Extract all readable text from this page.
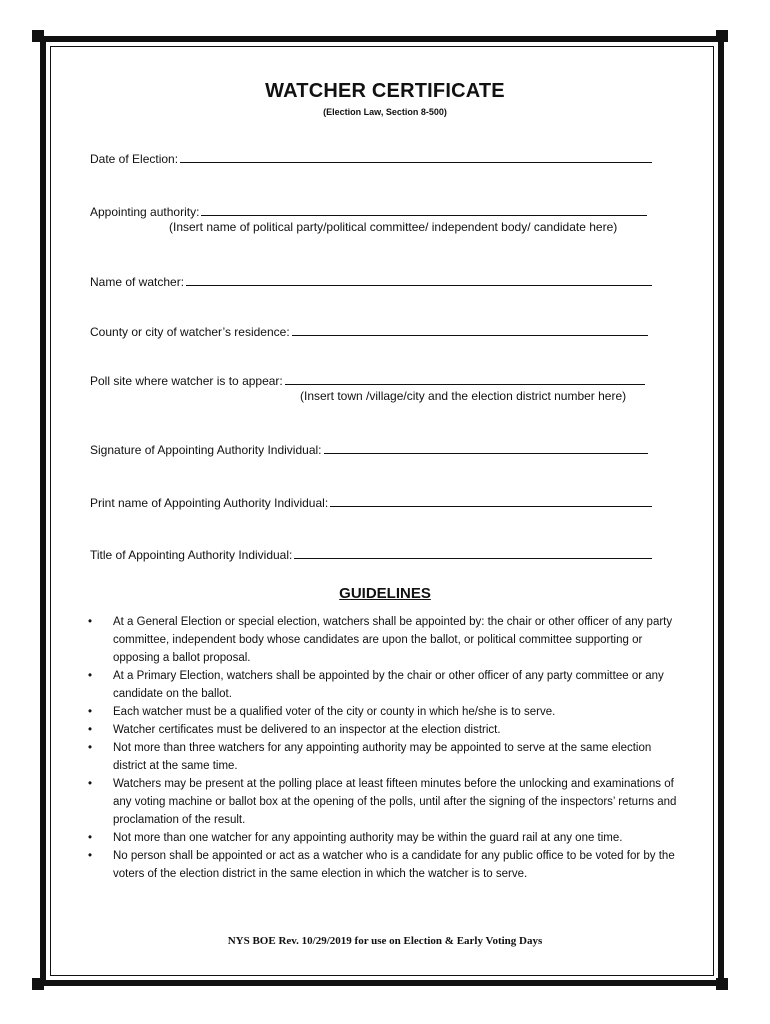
WATCHER CERTIFICATE
(Election Law, Section 8-500)
Date of Election:
Appointing authority:
(Insert name of political party/political committee/ independent body/ candidate here)
Name of watcher:
County or city of watcher’s residence:
Poll site where watcher is to appear:
(Insert town /village/city and the election district number here)
Signature of Appointing Authority Individual:
Print name of Appointing Authority Individual:
Title of Appointing Authority Individual:
GUIDELINES
• At a General Election or special election, watchers shall be appointed by: the chair or other officer of any party committee, independent body whose candidates are upon the ballot, or political committee supporting or opposing a ballot proposal.
• At a Primary Election, watchers shall be appointed by the chair or other officer of any party committee or any candidate on the ballot.
• Each watcher must be a qualified voter of the city or county in which he/she is to serve.
• Watcher certificates must be delivered to an inspector at the election district.
• Not more than three watchers for any appointing authority may be appointed to serve at the same election district at the same time.
• Watchers may be present at the polling place at least fifteen minutes before the unlocking and examinations of any voting machine or ballot box at the opening of the polls, until after the signing of the inspectors’ returns and proclamation of the result.
• Not more than one watcher for any appointing authority may be within the guard rail at any one time.
• No person shall be appointed or act as a watcher who is a candidate for any public office to be voted for by the voters of the election district in the same election in which the watcher is to serve.
NYS BOE Rev. 10/29/2019 for use on Election & Early Voting Days
